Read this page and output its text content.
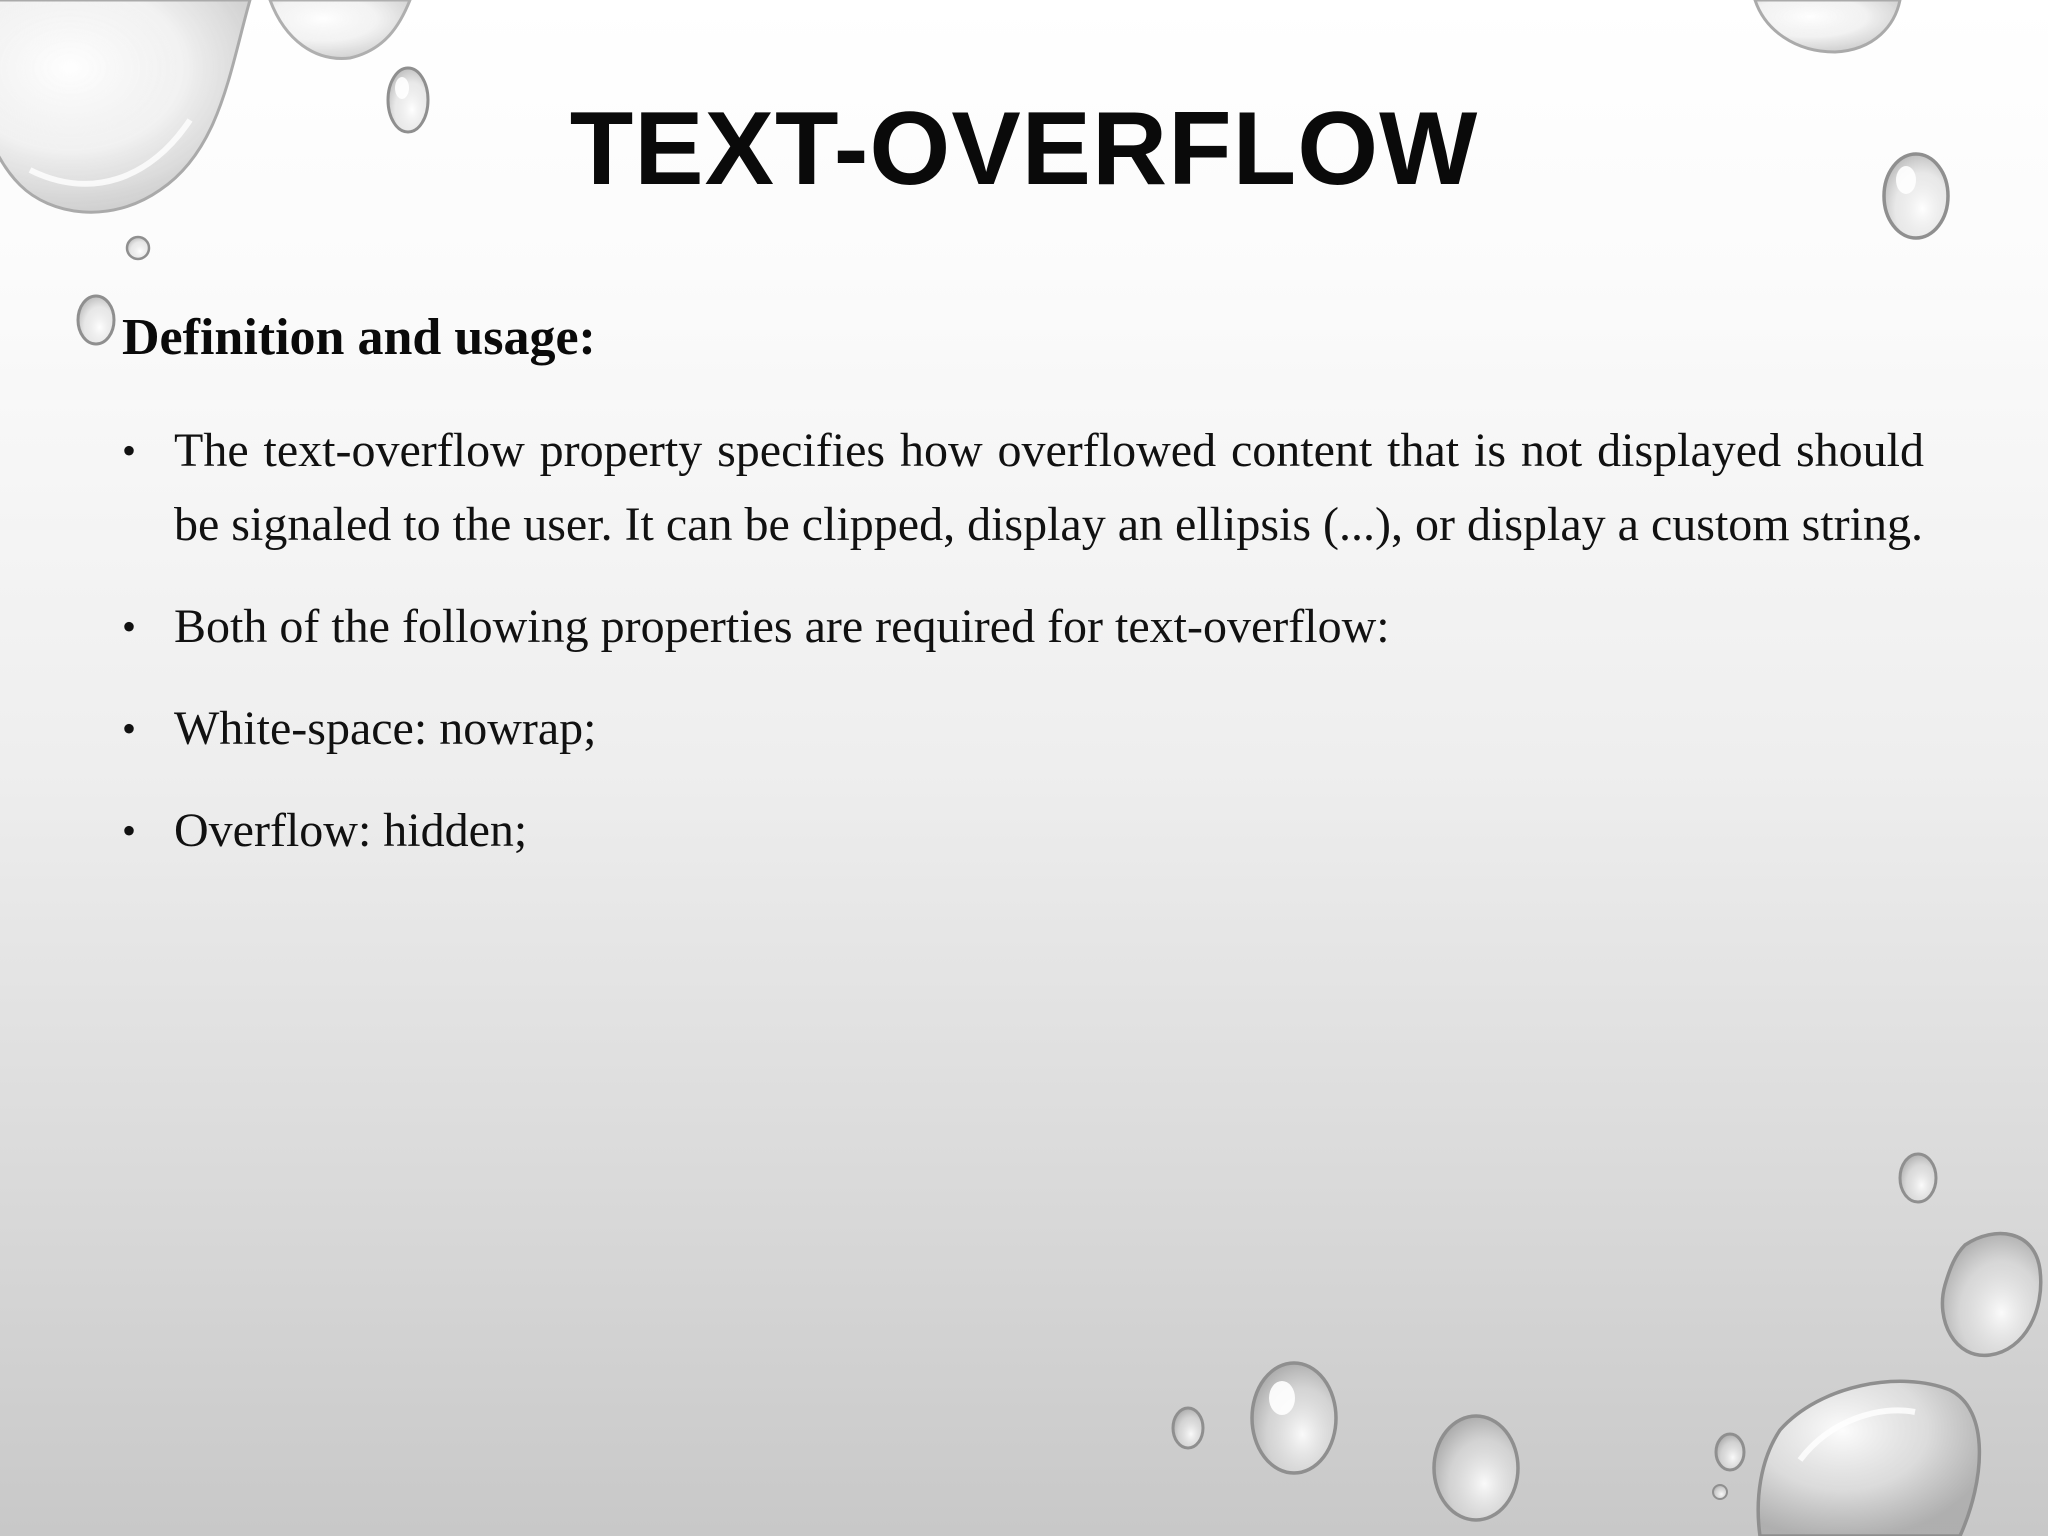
TEXT-OVERFLOW
Definition and usage:
• The text-overflow property specifies how overflowed content that is not displayed should be signaled to the user. It can be clipped, display an ellipsis (...), or display a custom string.
• Both of the following properties are required for text-overflow:
• White-space: nowrap;
• Overflow: hidden;
